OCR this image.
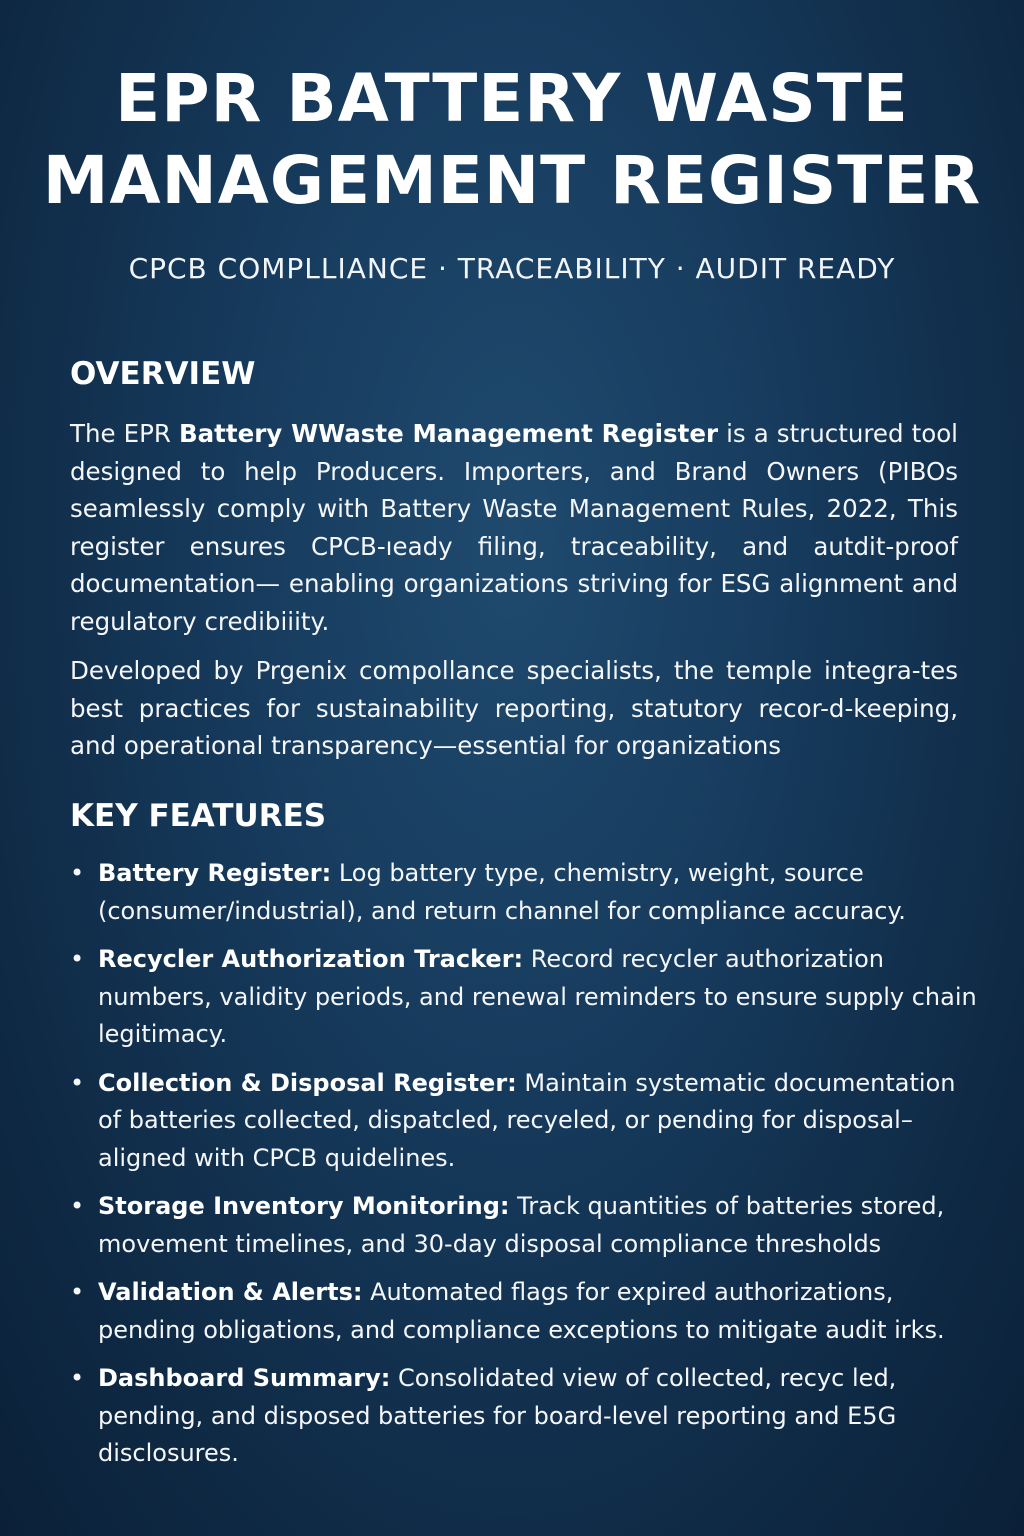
EPR BATTERY WASTE
MANAGEMENT REGISTER

CPCB COMPLLIANCE · TRACEABILITY · AUDIT READY

OVERVIEW

The EPR Battery WWaste Management Register is a structured tool designed to help Producers. Importers, and Brand Owners (PIBOs seamlessly comply with Battery Waste Management Rules, 2022, This register ensures CPCB-ıeady filing, traceability, and autdit-proof documentation— enabling organizations striving for ESG alignment and regulatory credibiiity.

Developed by Prgenix compollance specialists, the temple integra-tes best practices for sustainability reporting, statutory recor-d-keeping, and operational transparency—essential for organizations

KEY FEATURES
• Battery Register: Log battery type, chemistry, weight, source (consumer/industrial), and return channel for compliance accuracy.
• Recycler Authorization Tracker: Record recycler authorization numbers, validity periods, and renewal reminders to ensure supply chain legitimacy.
• Collection & Disposal Register: Maintain systematic documentation of batteries collected, dispatcled, recyeled, or pending for disposal– aligned with CPCB quidelines.
• Storage Inventory Monitoring: Track quantities of batteries stored, movement timelines, and 30-day disposal compliance thresholds
• Validation & Alerts: Automated flags for expired authorizations, pending obligations, and compliance exceptions to mitigate audit irks.
• Dashboard Summary: Consolidated view of collected, recyc led, pending, and disposed batteries for board-level reporting and E5G disclosures.
